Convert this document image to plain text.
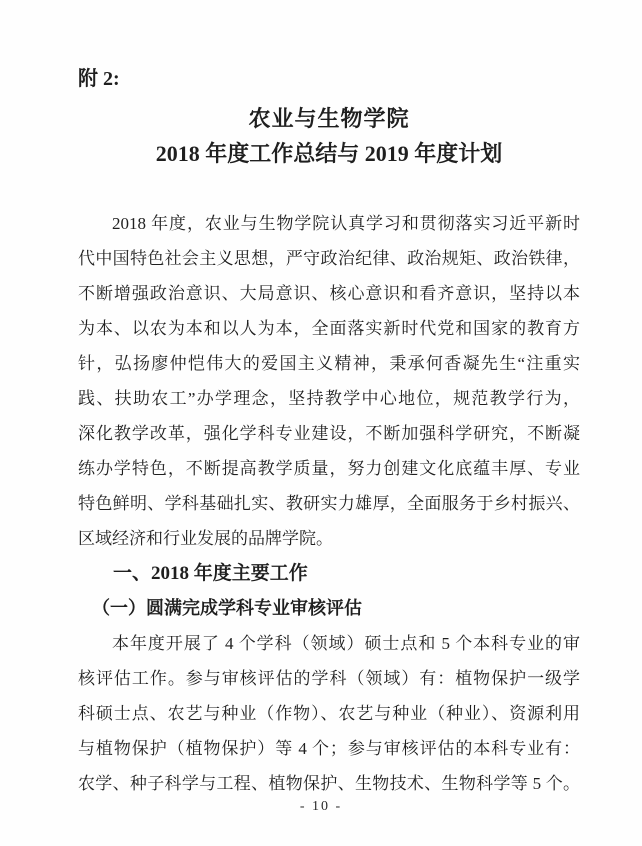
附 2:
农业与生物学院
2018 年度工作总结与 2019 年度计划
2018 年度，农业与生物学院认真学习和贯彻落实习近平新时
代中国特色社会主义思想，严守政治纪律、政治规矩、政治铁律，
不断增强政治意识、大局意识、核心意识和看齐意识，坚持以本
为本、以农为本和以人为本，全面落实新时代党和国家的教育方
针，弘扬廖仲恺伟大的爱国主义精神，秉承何香凝先生“注重实
践、扶助农工”办学理念，坚持教学中心地位，规范教学行为，
深化教学改革，强化学科专业建设，不断加强科学研究，不断凝
练办学特色，不断提高教学质量，努力创建文化底蕴丰厚、专业
特色鲜明、学科基础扎实、教研实力雄厚，全面服务于乡村振兴、
区域经济和行业发展的品牌学院。
一、2018 年度主要工作
（一）圆满完成学科专业审核评估
本年度开展了 4 个学科（领域）硕士点和 5 个本科专业的审
核评估工作。参与审核评估的学科（领域）有：植物保护一级学
科硕士点、农艺与种业（作物）、农艺与种业（种业）、资源利用
与植物保护（植物保护）等 4 个；参与审核评估的本科专业有：
农学、种子科学与工程、植物保护、生物技术、生物科学等 5 个。
- 10 -
